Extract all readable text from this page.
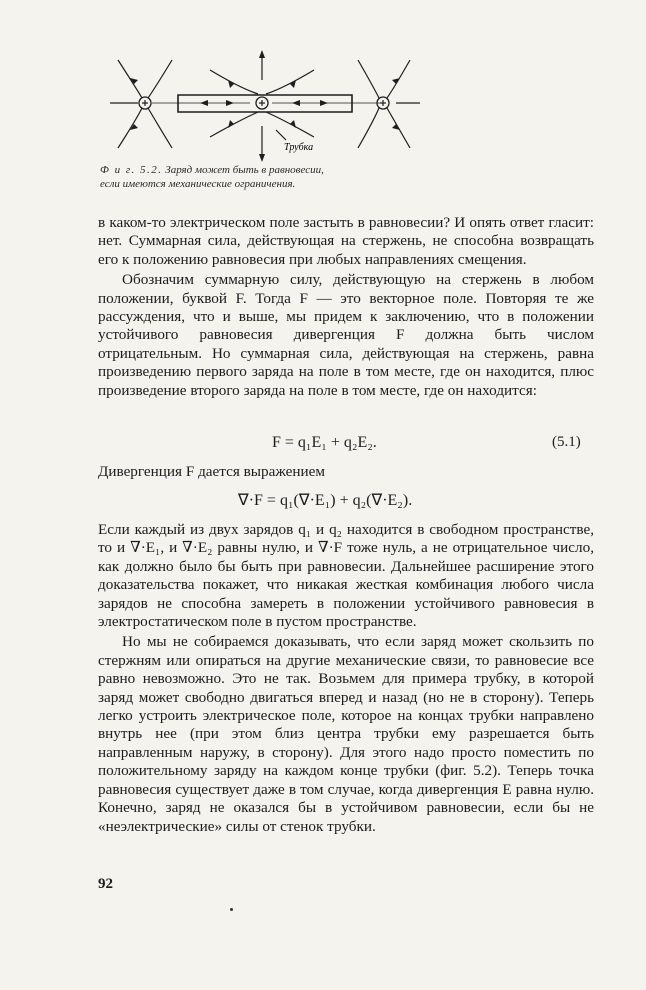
Трубка
Ф и г. 5.2. Заряд может быть в равновесии,
если имеются механические ограничения.

в каком-то электрическом поле застыть в равновесии? И опять ответ гласит: нет. Суммарная сила, действующая на стержень, не способна возвращать его к положению равновесия при любых направлениях смещения.

Обозначим суммарную силу, действующую на стержень в любом положении, буквой F. Тогда F — это векторное поле. Повторяя те же рассуждения, что и выше, мы придем к заключению, что в положении устойчивого равновесия дивергенция F должна быть числом отрицательным. Но суммарная сила, действующая на стержень, равна произведению первого заряда на поле в том месте, где он находится, плюс произведение второго заряда на поле в том месте, где он находится:

F = q₁E₁ + q₂E₂.	(5.1)

Дивергенция F дается выражением

∇·F = q₁(∇·E₁) + q₂(∇·E₂).

Если каждый из двух зарядов q₁ и q₂ находится в свободном пространстве, то и ∇·E₁, и ∇·E₂ равны нулю, и ∇·F тоже нуль, а не отрицательное число, как должно было бы быть при равновесии. Дальнейшее расширение этого доказательства покажет, что никакая жесткая комбинация любого числа зарядов не способна замереть в положении устойчивого равновесия в электростатическом поле в пустом пространстве.

Но мы не собираемся доказывать, что если заряд может скользить по стержням или опираться на другие механические связи, то равновесие все равно невозможно. Это не так. Возьмем для примера трубку, в которой заряд может свободно двигаться вперед и назад (но не в сторону). Теперь легко устроить электрическое поле, которое на концах трубки направлено внутрь нее (при этом близ центра трубки ему разрешается быть направленным наружу, в сторону). Для этого надо просто поместить по положительному заряду на каждом конце трубки (фиг. 5.2). Теперь точка равновесия существует даже в том случае, когда дивергенция E равна нулю. Конечно, заряд не оказался бы в устойчивом равновесии, если бы не «неэлектрические» силы от стенок трубки.

92
